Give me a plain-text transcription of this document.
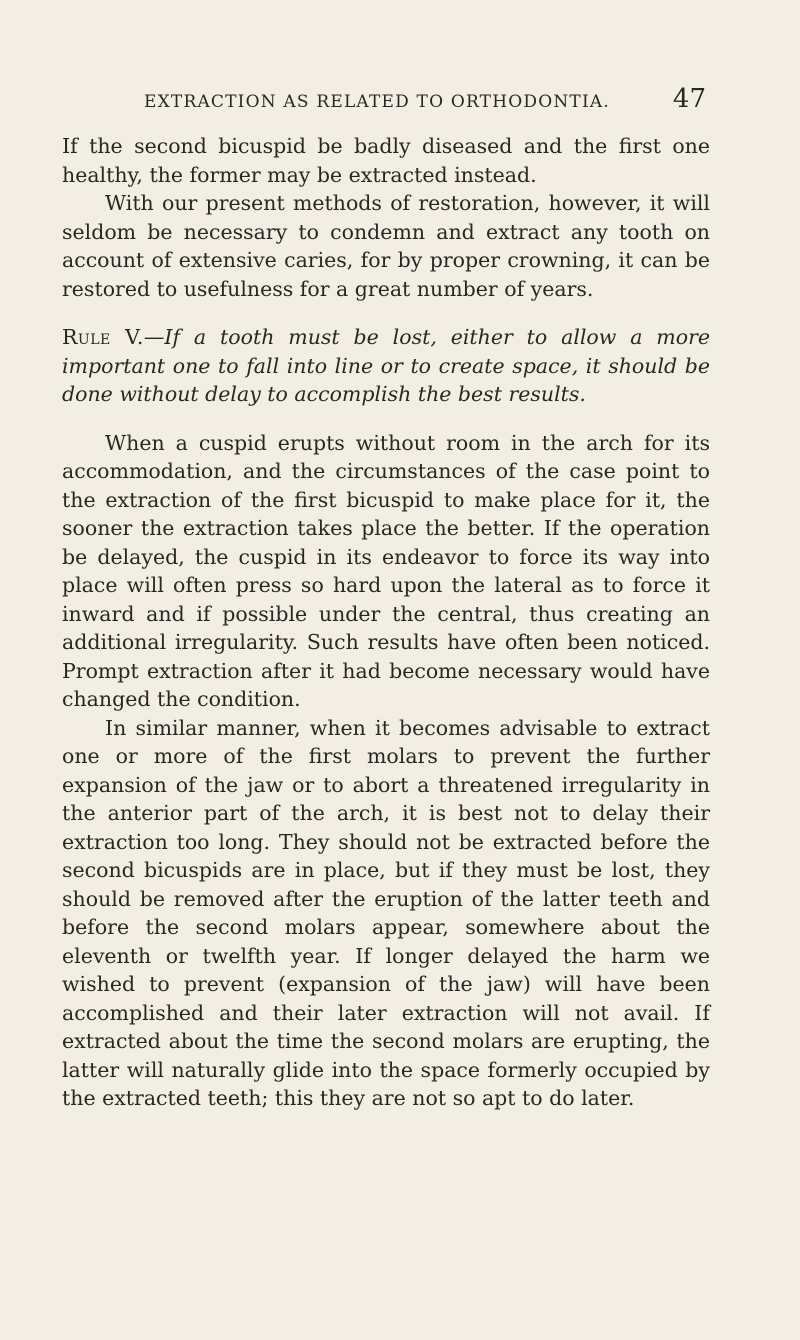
EXTRACTION AS RELATED TO ORTHODONTIA. 47

If the second bicuspid be badly diseased and the first one healthy, the former may be extracted instead.

With our present methods of restoration, however, it will seldom be necessary to condemn and extract any tooth on account of extensive caries, for by proper crowning, it can be restored to usefulness for a great number of years.

Rule V.—If a tooth must be lost, either to allow a more important one to fall into line or to create space, it should be done without delay to accomplish the best results.

When a cuspid erupts without room in the arch for its accommodation, and the circumstances of the case point to the extraction of the first bicuspid to make place for it, the sooner the extraction takes place the better. If the operation be delayed, the cuspid in its endeavor to force its way into place will often press so hard upon the lateral as to force it inward and if possible under the central, thus creating an additional irregularity. Such results have often been noticed. Prompt extraction after it had become necessary would have changed the condition.

In similar manner, when it becomes advisable to extract one or more of the first molars to prevent the further expansion of the jaw or to abort a threatened irregularity in the anterior part of the arch, it is best not to delay their extraction too long. They should not be extracted before the second bicuspids are in place, but if they must be lost, they should be removed after the eruption of the latter teeth and before the second molars appear, somewhere about the eleventh or twelfth year. If longer delayed the harm we wished to prevent (expansion of the jaw) will have been accomplished and their later extraction will not avail. If extracted about the time the second molars are erupting, the latter will naturally glide into the space formerly occupied by the extracted teeth; this they are not so apt to do later.
